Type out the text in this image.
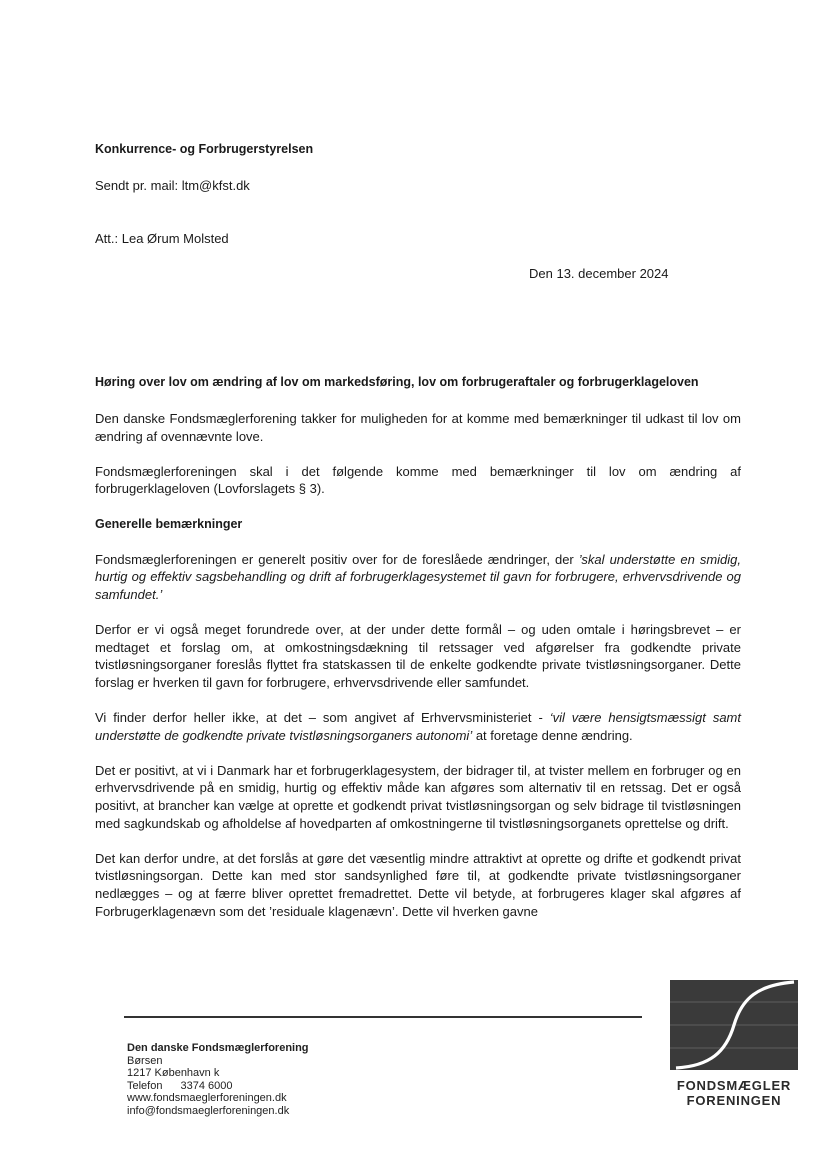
Konkurrence- og Forbrugerstyrelsen
Sendt pr. mail: ltm@kfst.dk
Att.: Lea Ørum Molsted
Den 13. december 2024
Høring over lov om ændring af lov om markedsføring, lov om forbrugeraftaler og forbrugerklageloven

Den danske Fondsmæglerforening takker for muligheden for at komme med bemærkninger til udkast til lov om ændring af ovennævnte love.

Fondsmæglerforeningen skal i det følgende komme med bemærkninger til lov om ændring af forbrugerklageloven (Lovforslagets § 3).

Generelle bemærkninger

Fondsmæglerforeningen er generelt positiv over for de foreslåede ændringer, der ’skal understøtte en smidig, hurtig og effektiv sagsbehandling og drift af forbrugerklagesystemet til gavn for forbrugere, erhvervsdrivende og samfundet.’

Derfor er vi også meget forundrede over, at der under dette formål – og uden omtale i høringsbrevet – er medtaget et forslag om, at omkostningsdækning til retssager ved afgørelser fra godkendte private tvistløsningsorganer foreslås flyttet fra statskassen til de enkelte godkendte private tvistløsningsorganer. Dette forslag er hverken til gavn for forbrugere, erhvervsdrivende eller samfundet.

Vi finder derfor heller ikke, at det – som angivet af Erhvervsministeriet - ‘vil være hensigtsmæssigt samt understøtte de godkendte private tvistløsningsorganers autonomi’ at foretage denne ændring.

Det er positivt, at vi i Danmark har et forbrugerklagesystem, der bidrager til, at tvister mellem en forbruger og en erhvervsdrivende på en smidig, hurtig og effektiv måde kan afgøres som alternativ til en retssag. Det er også positivt, at brancher kan vælge at oprette et godkendt privat tvistløsningsorgan og selv bidrage til tvistløsningen med sagkundskab og afholdelse af hovedparten af omkostningerne til tvistløsningsorganets oprettelse og drift.

Det kan derfor undre, at det forslås at gøre det væsentlig mindre attraktivt at oprette og drifte et godkendt privat tvistløsningsorgan. Dette kan med stor sandsynlighed føre til, at godkendte private tvistløsningsorganer nedlægges – og at færre bliver oprettet fremadrettet. Dette vil betyde, at forbrugeres klager skal afgøres af Forbrugerklagenævn som det ’residuale klagenævn’. Dette vil hverken gavne

Den danske Fondsmæglerforening
Børsen
1217 København k
Telefon 3374 6000
www.fondsmaeglerforeningen.dk
info@fondsmaeglerforeningen.dk
FONDSMÆGLER
FORENINGEN
